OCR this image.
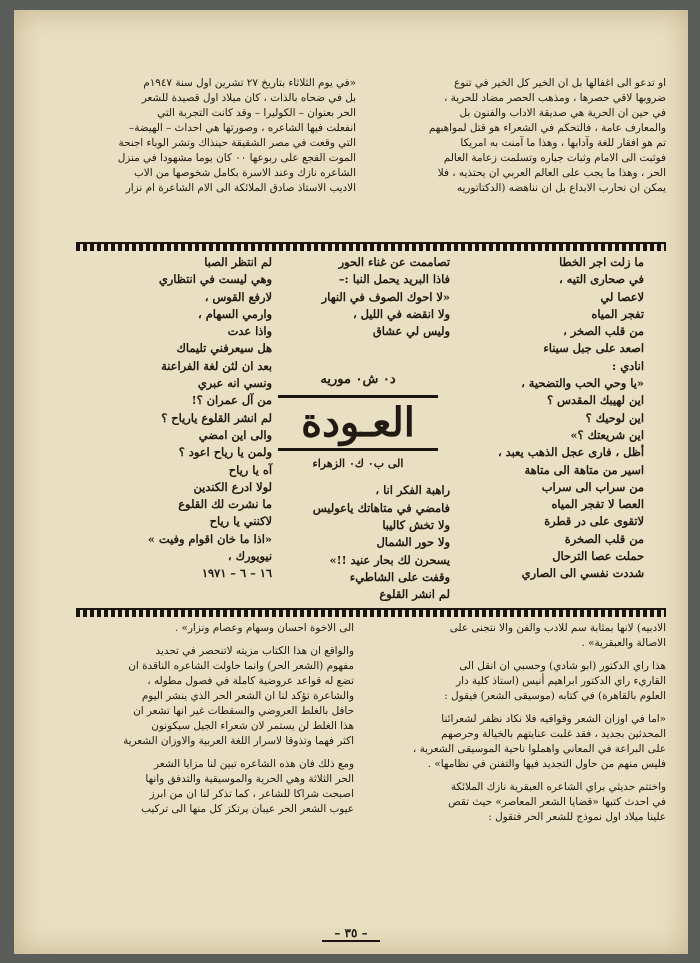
او تدعو الى اغفالها بل ان الخير كل الخير في تنوع

ضروبها لاقي حصرها ، ومذهب الحصر مضاد للحرية ،

في حين ان الحرية هي صديقة الاداب والفنون بل

والمعارف عامة ، فالتحكم في الشعراء هو قتل لمواهبهم

تم هو افقار للغة وآدابها ، وهذا ما آمنت به امريكا

فوثبت الى الامام وثبات جباره وتسلمت زعامة العالم

الحر ، وهذا ما يجب على العالم العربي ان يحتذيه ، فلا

يمكن ان نحارب الابداع بل ان نناهضه (الدكتاتوريه

«في يوم الثلاثاء بتاريخ ٢٧ تشرين اول سنة ١٩٤٧م

بل في ضحاه بالذات ، كان ميلاد اول قصيدة للشعر

الحر بعنوان – الكوليرا – وقد كانت التجربة التي

انفعلت فيها الشاعره ، وصورتها هي احداث – الهيضة–

التي وقعت في مصر الشقيقة حينذاك وتشر الوباء اجنحة

الموت الفجع على ربوعها ٠٠ كان يوما مشهودا في منزل

الشاعره نازك وعند الاسرة بكامل شخوصها من الاب

الاديب الاستاذ صادق الملائكة الى الام الشاعرة ام نزار

ما زلت اجر الخطا
في صحارى التيه ،
لاعصا لي
تفجر المياه
من قلب الصخر ،
اصعد على جبل سيناء
انادي :
«يا وحي الحب والتضحية ،
اين لهيبك المقدس ؟
اين لوحيك ؟
اين شريعتك ؟»
أظل ، فارى عجل الذهب يعبد ،
اسير من متاهة الى متاهة
من سراب الى سراب
العصا لا تفجر المياه
لاتقوى على در قطرة
من قلب الصخرة
حملت عصا الترحال
شددت نفسي الى الصاري
تصاممت عن غناء الحور
فاذا البريد يحمل النبا :–
«لا احوك الصوف في النهار
ولا انقضه في الليل ،
وليس لي عشاق
د٠ ش٠ موريه
العـودة
الى ب٠ ك٠ الزهراء
راهبة الفكر انا ،
فامضي في متاهاتك ياعوليس
ولا تخش كاليبا
ولا حور الشمال
يسحرن لك بحار عنيد !!»
وقفت على الشاطيء
لم انشر القلوع
لم انتظر الصبا
وهي ليست في انتظاري
لارفع القوس ،
وارمي السهام ،
واذا عدت
هل سيعرفني تليماك
بعد ان لثن لغة الفراعنة
ونسي انه عبري
من آل عمران ؟!
لم انشر القلوع يارياح ؟
والى اين امضي
ولمن يا رياح اعود ؟
آه يا رياح
لولا ادرع الكندين
ما نشرت لك القلوع
لاكنني يا رياح
«اذا ما خان اقوام وفيت »
نيويورك ،
١٦ – ٦ – ١٩٧١

الادبيه) لانها بمثابة سم للادب والفن والا نتجنى على

الاصالة والعبقرية» .

هذا راي الدكتور (ابو شادي) وحسبي ان انقل الى

القاريء راي الدكتور ابراهيم أنيس (استاذ كلية دار

العلوم بالقاهرة) في كتابه (موسيقى الشعر) فيقول :

«اما في اوزان الشعر وقوافيه فلا نكاد نظفر لشعرائنا

المحدثين بجديد ، فقد غلبت عنايتهم بالخيالة وحرصهم

على البراعة في المعاني واهملوا ناحية الموسيقى الشعرية ،

فليس منهم من حاول التجديد فيها والتفنن في نظامها» .

واختتم حديثي براي الشاعره العبقرية نازك الملائكة

في احدث كتبها «قضايا الشعر المعاصر» حيث تقص

علينا ميلاد اول نموذج للشعر الحر فتقول :

الى الاخوة احسان وسهام وعصام ونزار» .

والواقع ان هذا الكتاب مزيته لاتنحصر في تحديد

مفهوم (الشعر الحر) وانما حاولت الشاعره الناقدة ان

تضع له قواعد عروضية كاملة في فصول مطوله ،

والشاعرة تؤكد لنا ان الشعر الحر الذي ينشر اليوم

حافل بالغلط العروضي والسقطات غير انها تشعر ان

هذا الغلط لن يستمر لان شعراء الجيل سيكونون

اكثر فهما وتذوقا لاسرار اللغة العربية والاوزان الشعرية

ومع ذلك فان هذه الشاعره تبين لنا مزايا الشعر

الحر الثلاثة وهي الحرية والموسيقية والتدفق وانها

اصبحت شراكا للشاعر ، كما تذكر لنا ان من ابرز

عيوب الشعر الحر عيبان يرتكز كل منها الى تركيب

– ٣٥ –
